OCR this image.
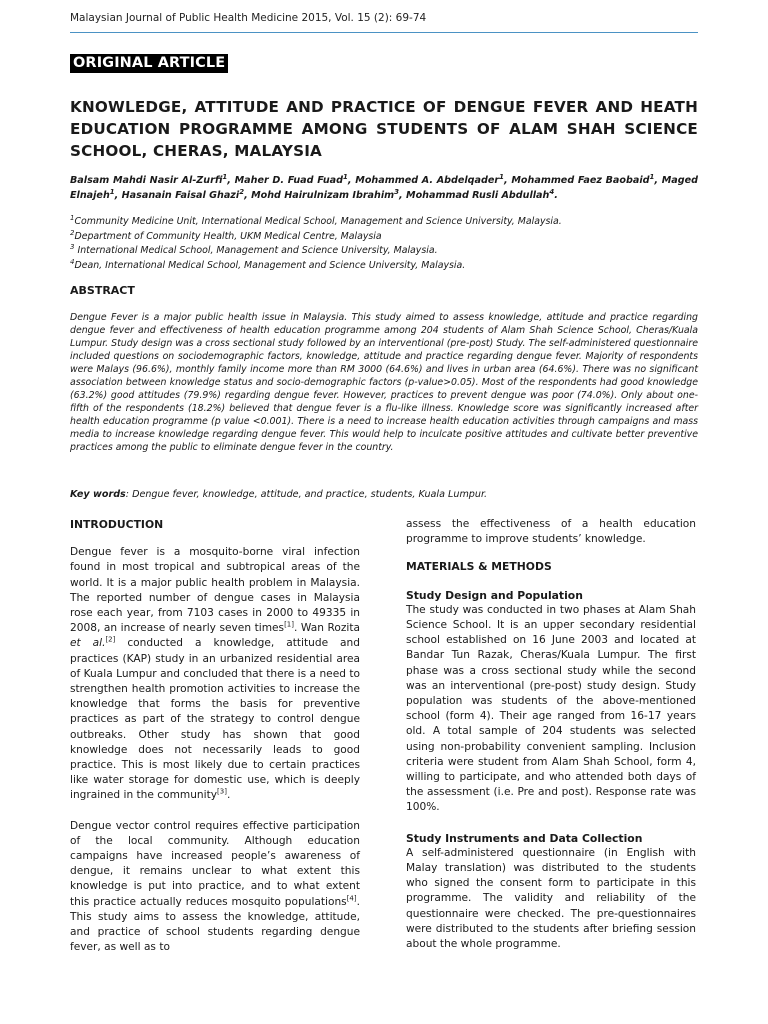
Malaysian Journal of Public Health Medicine 2015, Vol. 15 (2): 69-74
ORIGINAL ARTICLE
KNOWLEDGE, ATTITUDE AND PRACTICE OF DENGUE FEVER AND HEATH EDUCATION PROGRAMME AMONG STUDENTS OF ALAM SHAH SCIENCE SCHOOL, CHERAS, MALAYSIA
Balsam Mahdi Nasir Al-Zurfi$^1$, Maher D. Fuad Fuad$^1$, Mohammed A. Abdelqader$^1$, Mohammed Faez Baobaid$^1$, Maged Elnajeh$^1$, Hasanain Faisal Ghazi$^2$, Mohd Hairulnizam Ibrahim$^3$, Mohammad Rusli Abdullah$^4$.
$^1$Community Medicine Unit, International Medical School, Management and Science University, Malaysia.
$^2$Department of Community Health, UKM Medical Centre, Malaysia
$^3$ International Medical School, Management and Science University, Malaysia.
$^4$Dean, International Medical School, Management and Science University, Malaysia.
ABSTRACT
Dengue Fever is a major public health issue in Malaysia. This study aimed to assess knowledge, attitude and practice regarding dengue fever and effectiveness of health education programme among 204 students of Alam Shah Science School, Cheras/Kuala Lumpur. Study design was a cross sectional study followed by an interventional (pre-post) Study. The self-administered questionnaire included questions on sociodemographic factors, knowledge, attitude and practice regarding dengue fever. Majority of respondents were Malays (96.6%), monthly family income more than RM 3000 (64.6%) and lives in urban area (64.6%). There was no significant association between knowledge status and socio-demographic factors (p-value>0.05). Most of the respondents had good knowledge (63.2%) good attitudes (79.9%) regarding dengue fever. However, practices to prevent dengue was poor (74.0%). Only about one-fifth of the respondents (18.2%) believed that dengue fever is a flu-like illness. Knowledge score was significantly increased after health education programme (p value <0.001). There is a need to increase health education activities through campaigns and mass media to increase knowledge regarding dengue fever. This would help to inculcate positive attitudes and cultivate better preventive practices among the public to eliminate dengue fever in the country.
Key words: Dengue fever, knowledge, attitude, and practice, students, Kuala Lumpur.

INTRODUCTION

Dengue fever is a mosquito-borne viral infection found in most tropical and subtropical areas of the world. It is a major public health problem in Malaysia. The reported number of dengue cases in Malaysia rose each year, from 7103 cases in 2000 to 49335 in 2008, an increase of nearly seven times[1]. Wan Rozita et al.[2] conducted a knowledge, attitude and practices (KAP) study in an urbanized residential area of Kuala Lumpur and concluded that there is a need to strengthen health promotion activities to increase the knowledge that forms the basis for preventive practices as part of the strategy to control dengue outbreaks. Other study has shown that good knowledge does not necessarily leads to good practice. This is most likely due to certain practices like water storage for domestic use, which is deeply ingrained in the community[3].

Dengue vector control requires effective participation of the local community. Although education campaigns have increased people’s awareness of dengue, it remains unclear to what extent this knowledge is put into practice, and to what extent this practice actually reduces mosquito populations[4]. This study aims to assess the knowledge, attitude, and practice of school students regarding dengue fever, as well as to

assess the effectiveness of a health education programme to improve students’ knowledge.

MATERIALS & METHODS

Study Design and Population

The study was conducted in two phases at Alam Shah Science School. It is an upper secondary residential school established on 16 June 2003 and located at Bandar Tun Razak, Cheras/Kuala Lumpur. The first phase was a cross sectional study while the second was an interventional (pre-post) study design. Study population was students of the above-mentioned school (form 4). Their age ranged from 16-17 years old. A total sample of 204 students was selected using non-probability convenient sampling. Inclusion criteria were student from Alam Shah School, form 4, willing to participate, and who attended both days of the assessment (i.e. Pre and post). Response rate was 100%.

Study Instruments and Data Collection

A self-administered questionnaire (in English with Malay translation) was distributed to the students who signed the consent form to participate in this programme. The validity and reliability of the questionnaire were checked. The pre-questionnaires were distributed to the students after briefing session about the whole programme.
